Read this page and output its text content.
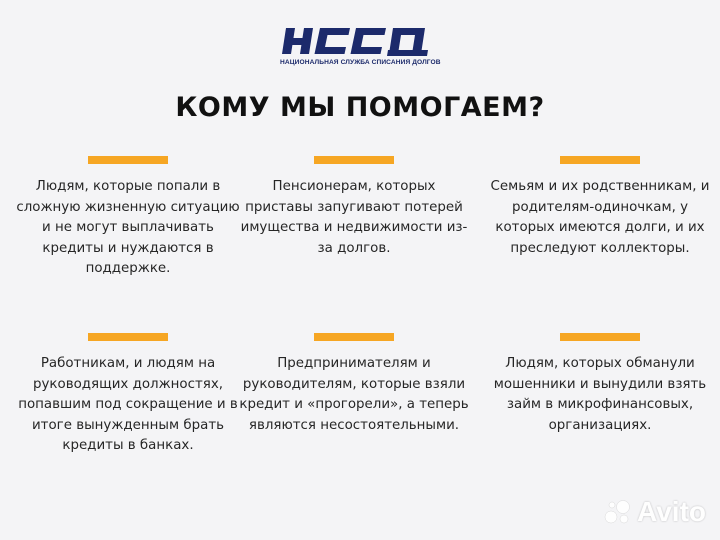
НАЦИОНАЛЬНАЯ СЛУЖБА СПИСАНИЯ ДОЛГОВ
КОМУ МЫ ПОМОГАЕМ?

Людям, которые попали в сложную жизненную ситуацию и не могут выплачивать кредиты и нуждаются в поддержке.

Пенсионерам, которых приставы запугивают потерей имущества и недвижимости из-за долгов.

Семьям и их родственникам, и родителям-одиночкам, у которых имеются долги, и их преследуют коллекторы.

Работникам, и людям на руководящих должностях, попавшим под сокращение и в итоге вынужденным брать кредиты в банках.

Предпринимателям и руководителям, которые взяли кредит и «прогорели», а теперь являются несостоятельными.

Людям, которых обманули мошенники и вынудили взять займ в микрофинансовых, организациях.

Avito
